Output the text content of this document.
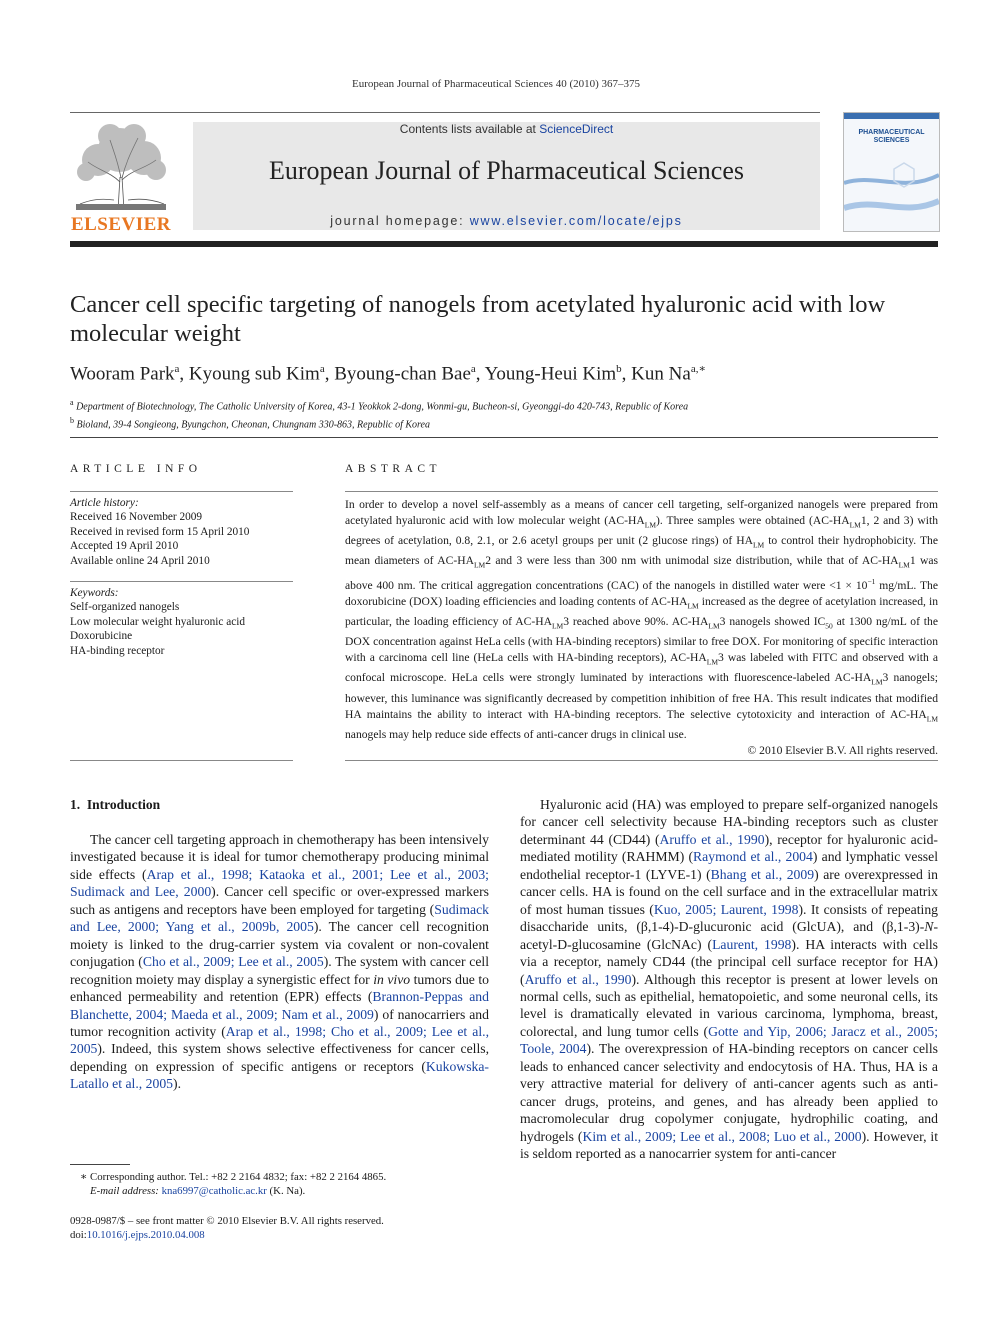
European Journal of Pharmaceutical Sciences 40 (2010) 367–375
ELSEVIER
Contents lists available at ScienceDirect
European Journal of Pharmaceutical Sciences
journal homepage: www.elsevier.com/locate/ejps
PHARMACEUTICAL
SCIENCES
Cancer cell specific targeting of nanogels from acetylated hyaluronic acid with low molecular weight
Wooram Park$^a$, Kyoung sub Kim$^a$, Byoung-chan Bae$^a$, Young-Heui Kim$^b$, Kun $Na^{a,∗}$
$^a$ Department of Biotechnology, The Catholic University of Korea, 43-1 Yeokkok 2-dong, Wonmi-gu, Bucheon-si, Gyeonggi-do 420-743, Republic of Korea
$^b$ Bioland, 39-4 Songieong, Byungchon, Cheonan, Chungnam 330-863, Republic of Korea
ARTICLE INFO
Article history:
Received 16 November 2009
Received in revised form 15 April 2010
Accepted 19 April 2010
Available online 24 April 2010
Keywords:
Self-organized nanogels
Low molecular weight hyaluronic acid
Doxorubicine
HA-binding receptor
ABSTRACT
In order to develop a novel self-assembly as a means of cancer cell targeting, self-organized nanogels were prepared from acetylated hyaluronic acid with low molecular weight $(AC-HA_{LM})$. Three samples were obtained ($AC-HA_{LM}1$, 2 and 3) with degrees of acetylation, 0.8, 2.1, or 2.6 acetyl groups per unit (2 glucose rings) of $HA_{LM}$ to control their hydrophobicity. The mean diameters of $AC-HA_{LM}2$ and 3 were less than 300 nm with unimodal size distribution, while that of $AC-HA_{LM}1$ was above 400 nm. The critical aggregation concentrations (CAC) of the nanogels in distilled water were $<1 \times 10^{-1}$ mg/mL. The doxorubicine (DOX) loading efficiencies and loading contents of $AC-HA_{LM}$ increased as the degree of acetylation increased, in particular, the loading efficiency of $AC-HA_{LM}3$ reached above 90%. $AC-HA_{LM}3$ nanogels showed $IC_{50}$ at 1300 ng/mL of the DOX concentration against HeLa cells (with HA-binding receptors) similar to free DOX. For monitoring of specific interaction with a carcinoma cell line (HeLa cells with HA-binding receptors), $AC-HA_{LM}3$ was labeled with FITC and observed with a confocal microscope. HeLa cells were strongly luminated by interactions with fluorescence-labeled $AC-HA_{LM}3$ nanogels; however, this luminance was significantly decreased by competition inhibition of free HA. This result indicates that modified HA maintains the ability to interact with HA-binding receptors. The selective cytotoxicity and interaction of $AC-HA_{LM}$ nanogels may help reduce side effects of anti-cancer drugs in clinical use.
© 2010 Elsevier B.V. All rights reserved.
1. Introduction

The cancer cell targeting approach in chemotherapy has been intensively investigated because it is ideal for tumor chemotherapy producing minimal side effects (Arap et al., 1998; Kataoka et al., 2001; Lee et al., 2003; Sudimack and Lee, 2000). Cancer cell specific or over-expressed markers such as antigens and receptors have been employed for targeting (Sudimack and Lee, 2000; Yang et al., 2009b, 2005). The cancer cell recognition moiety is linked to the drug-carrier system via covalent or non-covalent conjugation (Cho et al., 2009; Lee et al., 2005). The system with cancer cell recognition moiety may display a synergistic effect for in vivo tumors due to enhanced permeability and retention (EPR) effects (Brannon-Peppas and Blanchette, 2004; Maeda et al., 2009; Nam et al., 2009) of nanocarriers and tumor recognition activity (Arap et al., 1998; Cho et al., 2009; Lee et al., 2005). Indeed, this system shows selective effectiveness for cancer cells, depending on expression of specific antigens or receptors (Kukowska-Latallo et al., 2005).

Hyaluronic acid (HA) was employed to prepare self-organized nanogels for cancer cell selectivity because HA-binding receptors such as cluster determinant 44 (CD44) (Aruffo et al., 1990), receptor for hyaluronic acid-mediated motility (RAHMM) (Raymond et al., 2004) and lymphatic vessel endothelial receptor-1 (LYVE-1) (Bhang et al., 2009) are overexpressed in cancer cells. HA is found on the cell surface and in the extracellular matrix of most human tissues (Kuo, 2005; Laurent, 1998). It consists of repeating disaccharide units, (β,1-4)-D-glucuronic acid (GlcUA), and (β,1-3)-N-acetyl-D-glucosamine (GlcNAc) (Laurent, 1998). HA interacts with cells via a receptor, namely CD44 (the principal cell surface receptor for HA) (Aruffo et al., 1990). Although this receptor is present at lower levels on normal cells, such as epithelial, hematopoietic, and some neuronal cells, its level is dramatically elevated in various carcinoma, lymphoma, breast, colorectal, and lung tumor cells (Gotte and Yip, 2006; Jaracz et al., 2005; Toole, 2004). The overexpression of HA-binding receptors on cancer cells leads to enhanced cancer selectivity and endocytosis of HA. Thus, HA is a very attractive material for delivery of anti-cancer agents such as anti-cancer drugs, proteins, and genes, and has already been applied to macromolecular drug copolymer conjugate, hydrophilic coating, and hydrogels (Kim et al., 2009; Lee et al., 2008; Luo et al., 2000). However, it is seldom reported as a nanocarrier system for anti-cancer

∗ Corresponding author. Tel.: +82 2 2164 4832; fax: +82 2 2164 4865.
E-mail address: kna6997@catholic.ac.kr (K. Na).
0928-0987/$ – see front matter © 2010 Elsevier B.V. All rights reserved.
doi:10.1016/j.ejps.2010.04.008
